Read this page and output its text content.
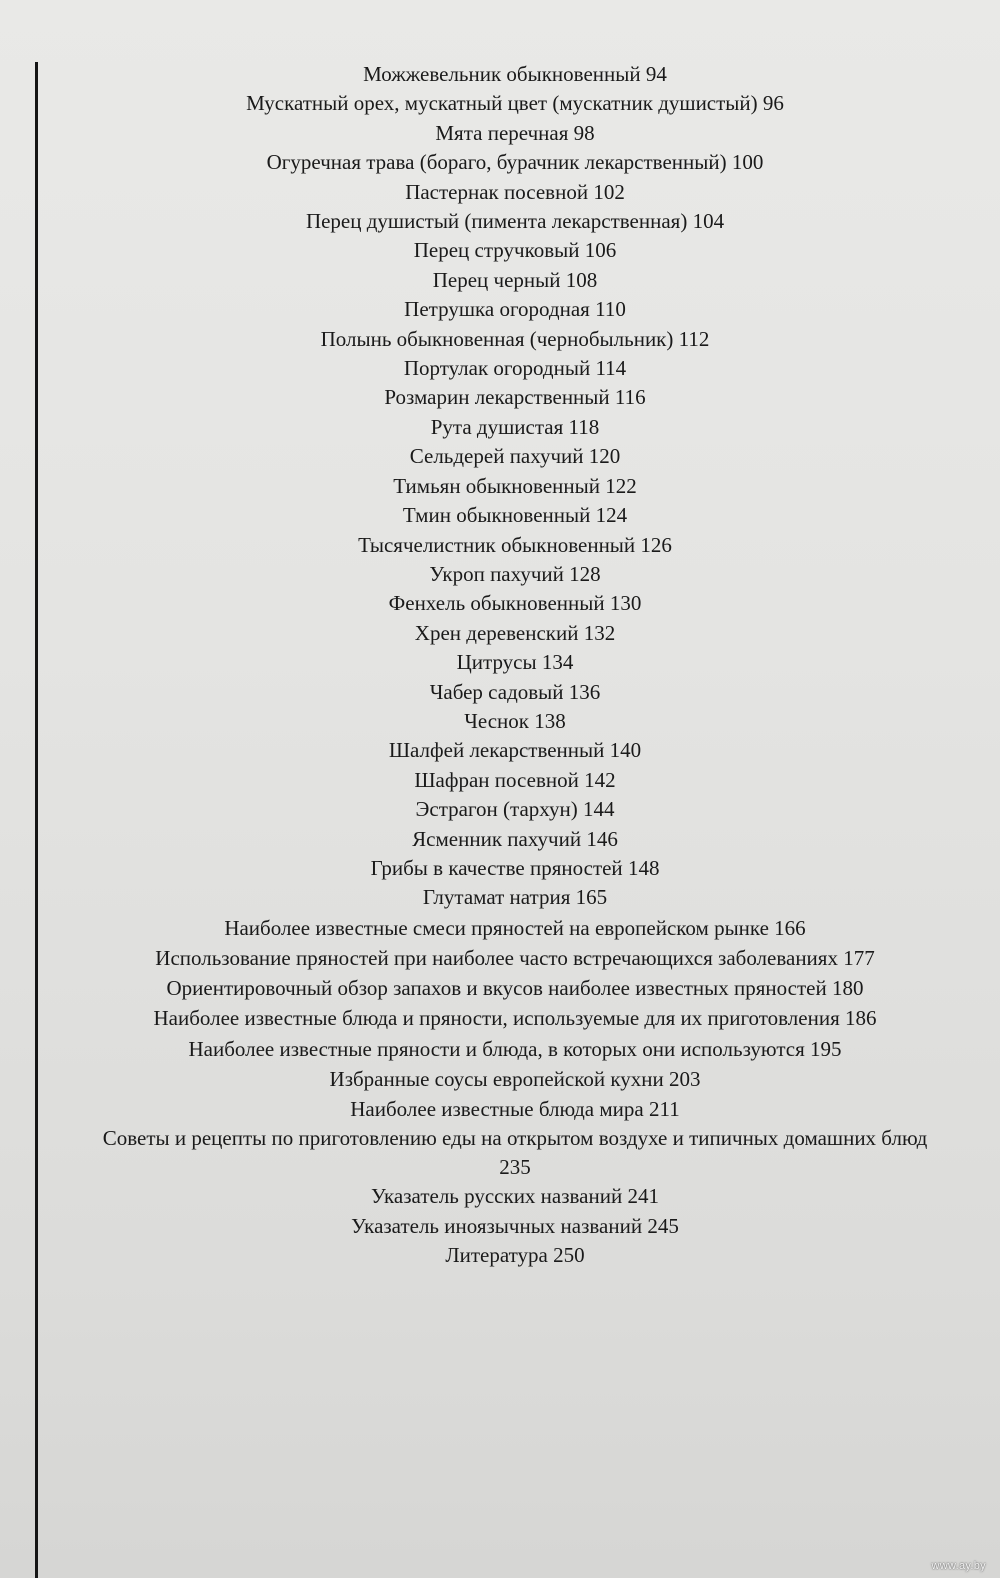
Можжевельник обыкновенный 94
Мускатный орех, мускатный цвет (мускатник душистый) 96
Мята перечная 98
Огуречная трава (бораго, бурачник лекарственный) 100
Пастернак посевной 102
Перец душистый (пимента лекарственная) 104
Перец стручковый 106
Перец черный 108
Петрушка огородная 110
Полынь обыкновенная (чернобыльник) 112
Портулак огородный 114
Розмарин лекарственный 116
Рута душистая 118
Сельдерей пахучий 120
Тимьян обыкновенный 122
Тмин обыкновенный 124
Тысячелистник обыкновенный 126
Укроп пахучий 128
Фенхель обыкновенный 130
Хрен деревенский 132
Цитрусы 134
Чабер садовый 136
Чеснок 138
Шалфей лекарственный 140
Шафран посевной 142
Эстрагон (тархун) 144
Ясменник пахучий 146
Грибы в качестве пряностей 148
Глутамат натрия 165
Наиболее известные смеси пряностей на европейском рынке 166
Использование пряностей при наиболее часто встречающихся заболеваниях 177
Ориентировочный обзор запахов и вкусов наиболее известных пряностей 180
Наиболее известные блюда и пряности, используемые для их приготовления 186
Наиболее известные пряности и блюда, в которых они используются 195
Избранные соусы европейской кухни 203
Наиболее известные блюда мира 211
Советы и рецепты по приготовлению еды на открытом воздухе и типичных домашних блюд
235
Указатель русских названий 241
Указатель иноязычных названий 245
Литература 250
www.ay.by
